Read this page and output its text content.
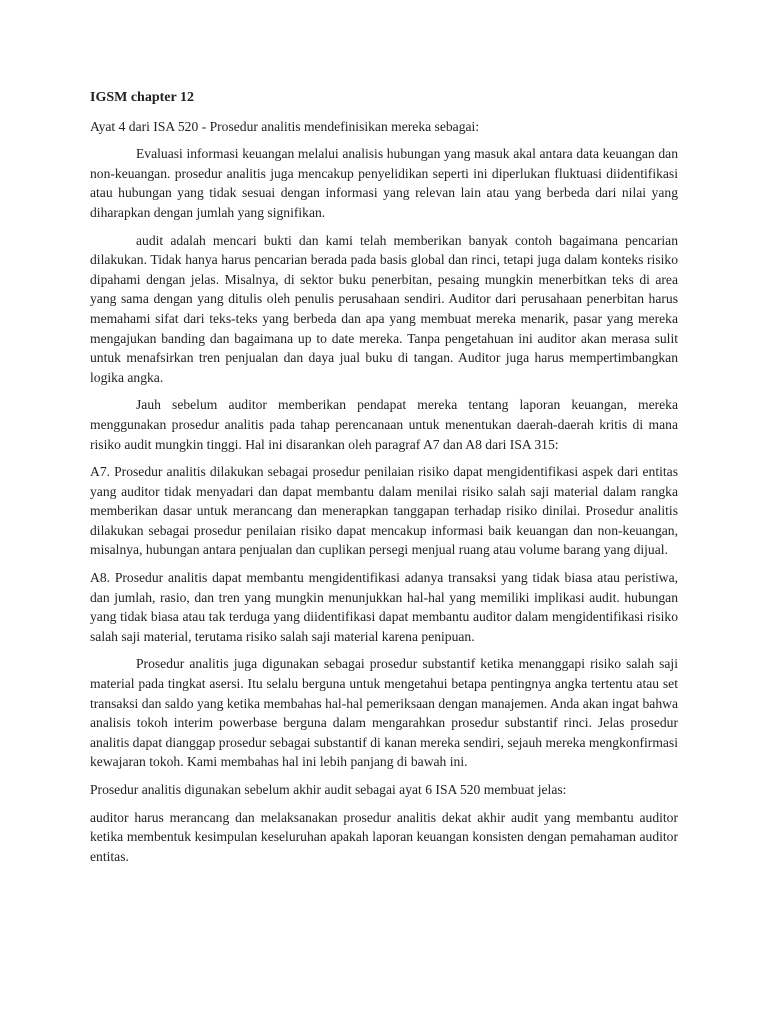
IGSM chapter 12

Ayat 4 dari ISA 520 - Prosedur analitis mendefinisikan mereka sebagai:

Evaluasi informasi keuangan melalui analisis hubungan yang masuk akal antara data keuangan dan non-keuangan. prosedur analitis juga mencakup penyelidikan seperti ini diperlukan fluktuasi diidentifikasi atau hubungan yang tidak sesuai dengan informasi yang relevan lain atau yang berbeda dari nilai yang diharapkan dengan jumlah yang signifikan.

audit adalah mencari bukti dan kami telah memberikan banyak contoh bagaimana pencarian dilakukan. Tidak hanya harus pencarian berada pada basis global dan rinci, tetapi juga dalam konteks risiko dipahami dengan jelas. Misalnya, di sektor buku penerbitan, pesaing mungkin menerbitkan teks di area yang sama dengan yang ditulis oleh penulis perusahaan sendiri. Auditor dari perusahaan penerbitan harus memahami sifat dari teks-teks yang berbeda dan apa yang membuat mereka menarik, pasar yang mereka mengajukan banding dan bagaimana up to date mereka. Tanpa pengetahuan ini auditor akan merasa sulit untuk menafsirkan tren penjualan dan daya jual buku di tangan. Auditor juga harus mempertimbangkan logika angka.

Jauh sebelum auditor memberikan pendapat mereka tentang laporan keuangan, mereka menggunakan prosedur analitis pada tahap perencanaan untuk menentukan daerah-daerah kritis di mana risiko audit mungkin tinggi. Hal ini disarankan oleh paragraf A7 dan A8 dari ISA 315:

A7. Prosedur analitis dilakukan sebagai prosedur penilaian risiko dapat mengidentifikasi aspek dari entitas yang auditor tidak menyadari dan dapat membantu dalam menilai risiko salah saji material dalam rangka memberikan dasar untuk merancang dan menerapkan tanggapan terhadap risiko dinilai. Prosedur analitis dilakukan sebagai prosedur penilaian risiko dapat mencakup informasi baik keuangan dan non-keuangan, misalnya, hubungan antara penjualan dan cuplikan persegi menjual ruang atau volume barang yang dijual.

A8. Prosedur analitis dapat membantu mengidentifikasi adanya transaksi yang tidak biasa atau peristiwa, dan jumlah, rasio, dan tren yang mungkin menunjukkan hal-hal yang memiliki implikasi audit. hubungan yang tidak biasa atau tak terduga yang diidentifikasi dapat membantu auditor dalam mengidentifikasi risiko salah saji material, terutama risiko salah saji material karena penipuan.

Prosedur analitis juga digunakan sebagai prosedur substantif ketika menanggapi risiko salah saji material pada tingkat asersi. Itu selalu berguna untuk mengetahui betapa pentingnya angka tertentu atau set transaksi dan saldo yang ketika membahas hal-hal pemeriksaan dengan manajemen. Anda akan ingat bahwa analisis tokoh interim powerbase berguna dalam mengarahkan prosedur substantif rinci. Jelas prosedur analitis dapat dianggap prosedur sebagai substantif di kanan mereka sendiri, sejauh mereka mengkonfirmasi kewajaran tokoh. Kami membahas hal ini lebih panjang di bawah ini.

Prosedur analitis digunakan sebelum akhir audit sebagai ayat 6 ISA 520 membuat jelas:

auditor harus merancang dan melaksanakan prosedur analitis dekat akhir audit yang membantu auditor ketika membentuk kesimpulan keseluruhan apakah laporan keuangan konsisten dengan pemahaman auditor entitas.
